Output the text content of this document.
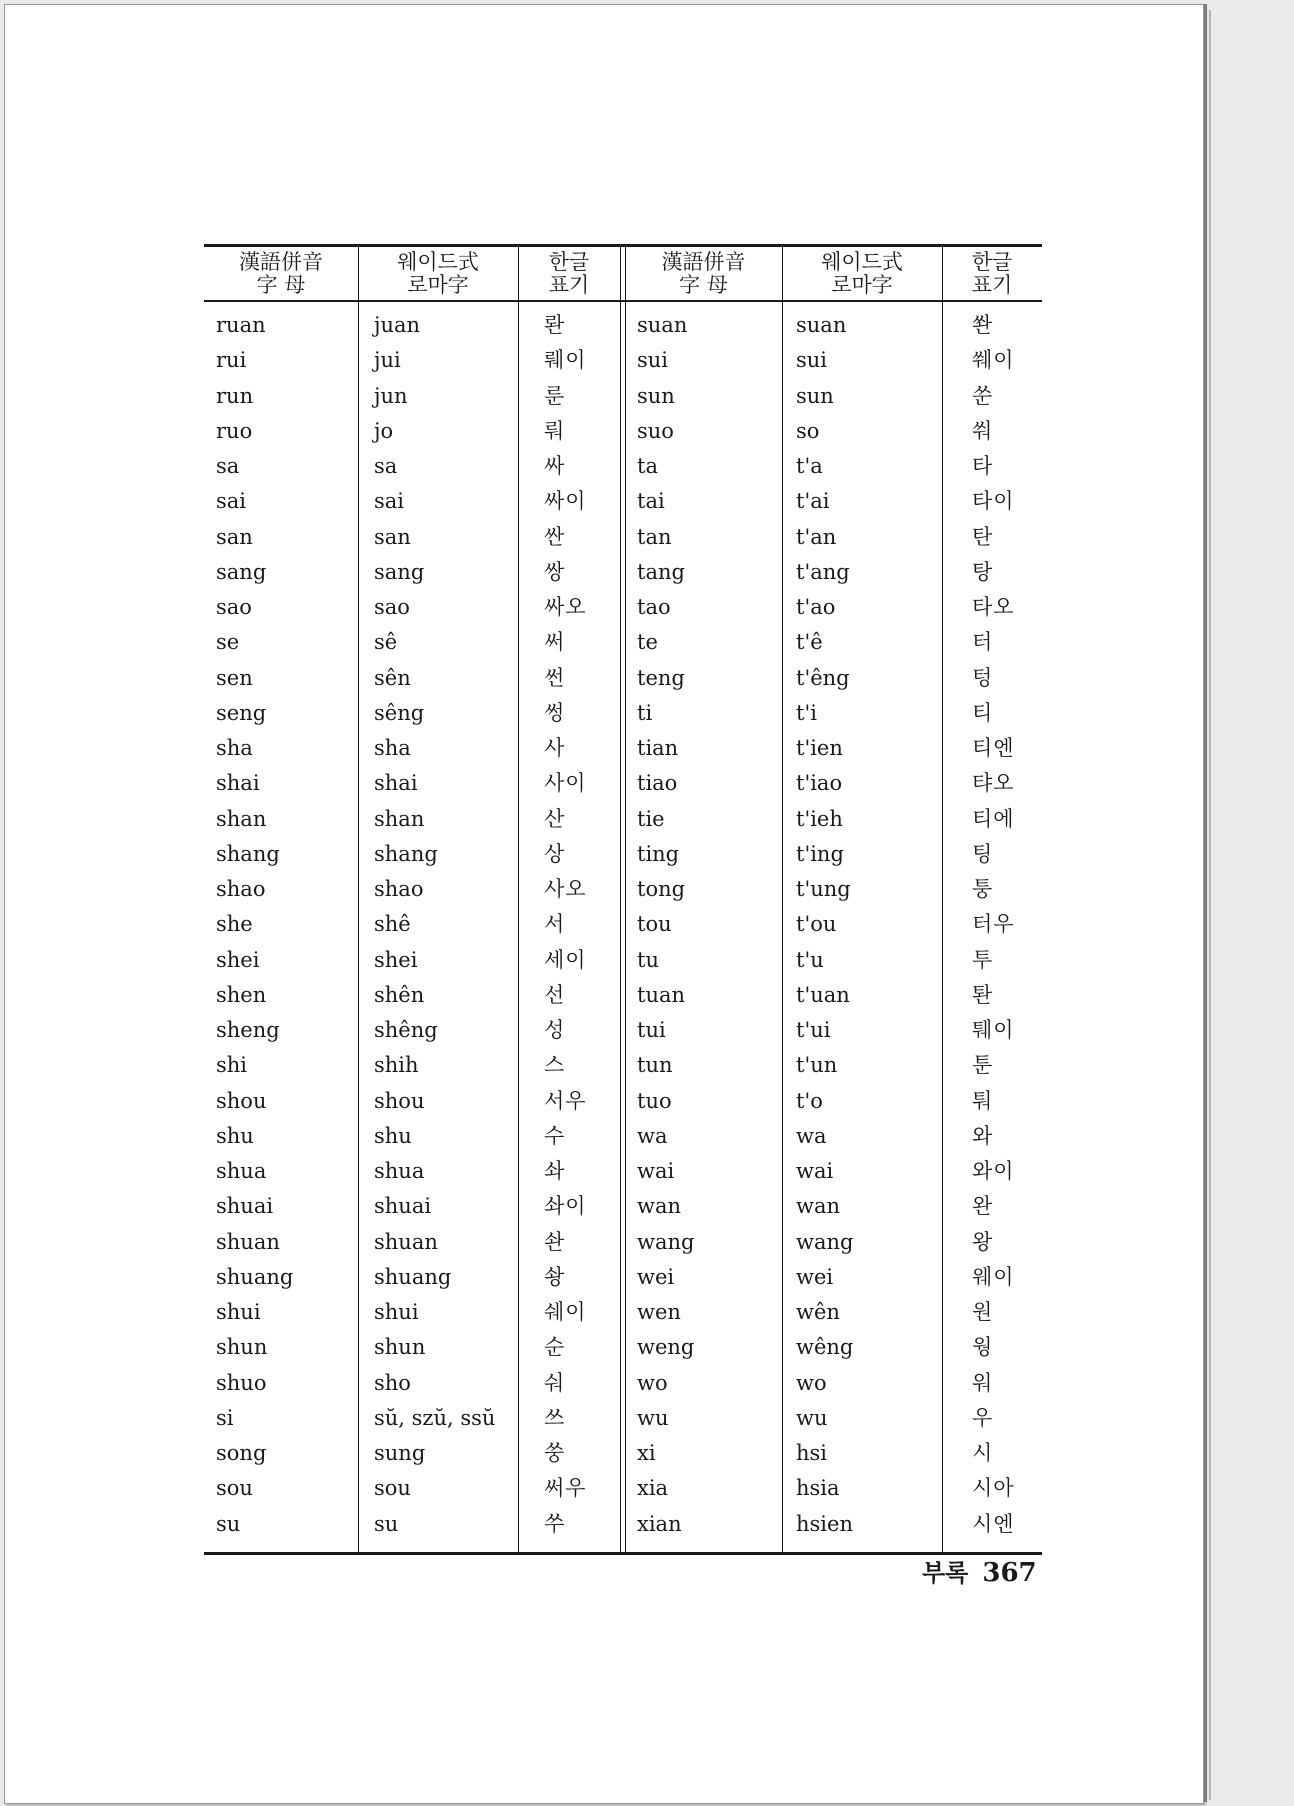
漢語併音
字 母
웨이드式
로마字
한글
표기
漢語併音
字 母
웨이드式
로마字
한글
표기
ruan
rui
run
ruo
sa
sai
san
sang
sao
se
sen
seng
sha
shai
shan
shang
shao
she
shei
shen
sheng
shi
shou
shu
shua
shuai
shuan
shuang
shui
shun
shuo
si
song
sou
su
juan
jui
jun
jo
sa
sai
san
sang
sao
sê
sên
sêng
sha
shai
shan
shang
shao
shê
shei
shên
shêng
shih
shou
shu
shua
shuai
shuan
shuang
shui
shun
sho
sŭ, szŭ, ssŭ
sung
sou
su
롼
뤠이
룬
뤄
싸
싸이
싼
쌍
싸오
써
썬
썽
사
사이
산
상
사오
서
세이
선
성
스
서우
수
솨
솨이
솬
솽
쉐이
순
숴
쓰
쑹
써우
쑤
suan
sui
sun
suo
ta
tai
tan
tang
tao
te
teng
ti
tian
tiao
tie
ting
tong
tou
tu
tuan
tui
tun
tuo
wa
wai
wan
wang
wei
wen
weng
wo
wu
xi
xia
xian
suan
sui
sun
so
t'a
t'ai
t'an
t'ang
t'ao
t'ê
t'êng
t'i
t'ien
t'iao
t'ieh
t'ing
t'ung
t'ou
t'u
t'uan
t'ui
t'un
t'o
wa
wai
wan
wang
wei
wên
wêng
wo
wu
hsi
hsia
hsien
쏸
쒜이
쑨
쒀
타
타이
탄
탕
타오
터
텅
티
티엔
탸오
티에
팅
퉁
터우
투
퇀
퉤이
툰
퉈
와
와이
완
왕
웨이
원
웡
워
우
시
시아
시엔
부록 367
